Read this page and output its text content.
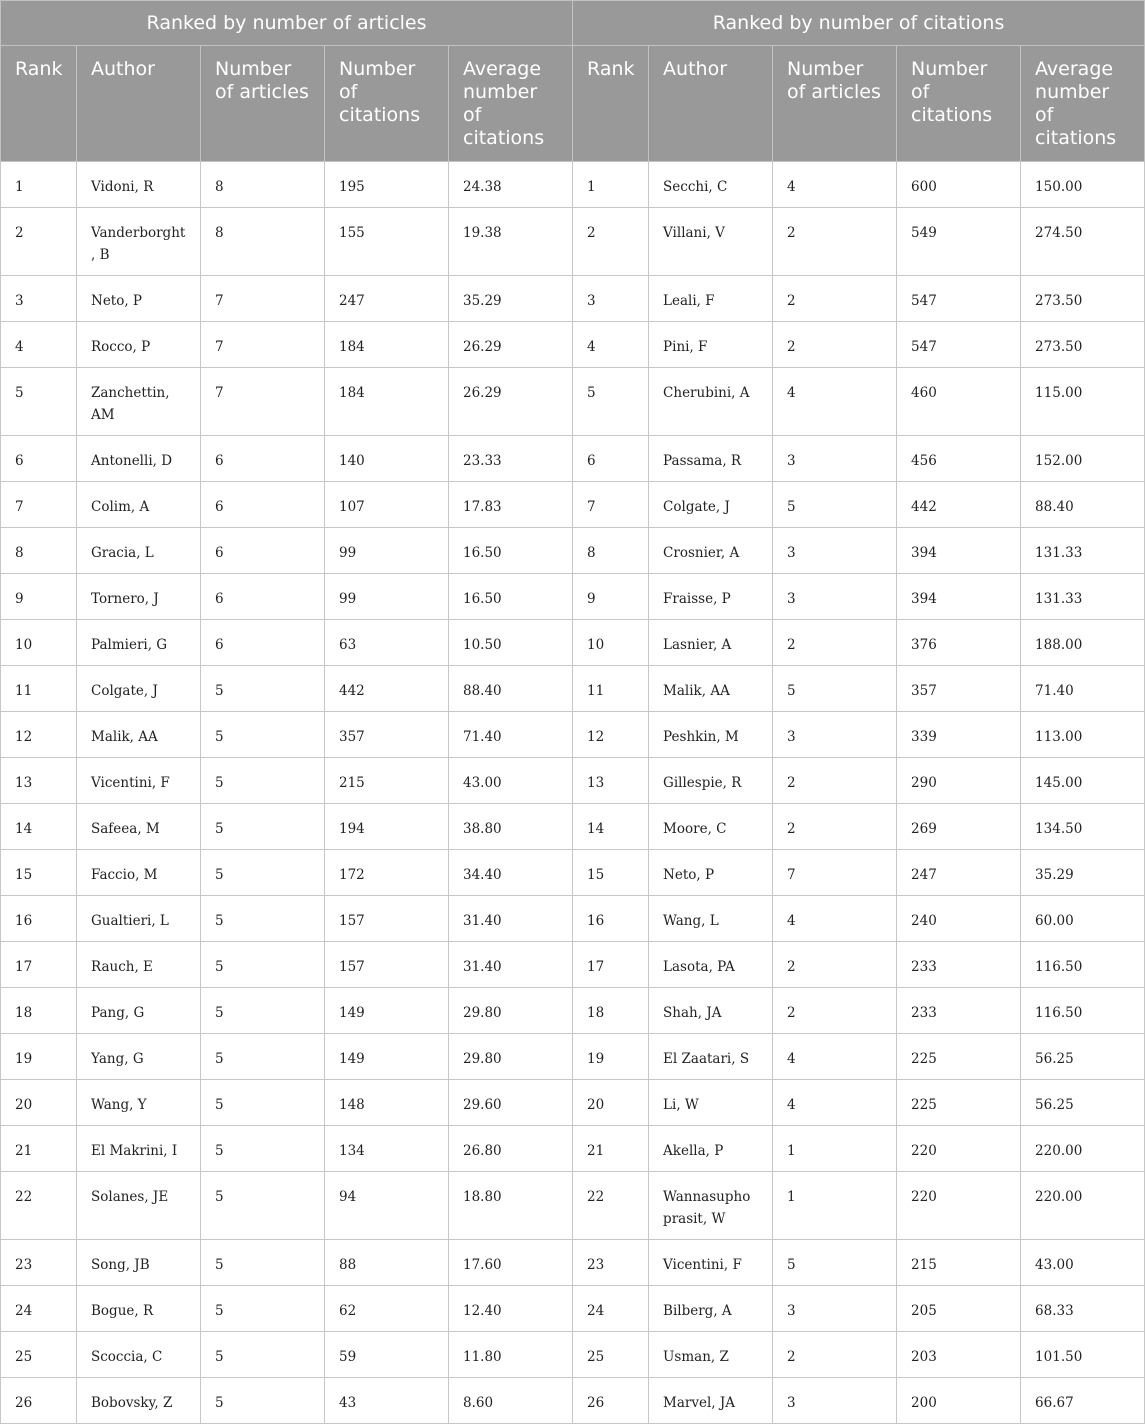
Ranked by number of articles					Ranked by number of citations				
Rank	Author	Number of articles	Number of citations	Average number of citations	Rank	Author	Number of articles	Number of citations	Average number of citations
1	Vidoni, R	8	195	24.38	1	Secchi, C	4	600	150.00
2	Vanderborght, B	8	155	19.38	2	Villani, V	2	549	274.50
3	Neto, P	7	247	35.29	3	Leali, F	2	547	273.50
4	Rocco, P	7	184	26.29	4	Pini, F	2	547	273.50
5	Zanchettin, AM	7	184	26.29	5	Cherubini, A	4	460	115.00
6	Antonelli, D	6	140	23.33	6	Passama, R	3	456	152.00
7	Colim, A	6	107	17.83	7	Colgate, J	5	442	88.40
8	Gracia, L	6	99	16.50	8	Crosnier, A	3	394	131.33
9	Tornero, J	6	99	16.50	9	Fraisse, P	3	394	131.33
10	Palmieri, G	6	63	10.50	10	Lasnier, A	2	376	188.00
11	Colgate, J	5	442	88.40	11	Malik, AA	5	357	71.40
12	Malik, AA	5	357	71.40	12	Peshkin, M	3	339	113.00
13	Vicentini, F	5	215	43.00	13	Gillespie, R	2	290	145.00
14	Safeea, M	5	194	38.80	14	Moore, C	2	269	134.50
15	Faccio, M	5	172	34.40	15	Neto, P	7	247	35.29
16	Gualtieri, L	5	157	31.40	16	Wang, L	4	240	60.00
17	Rauch, E	5	157	31.40	17	Lasota, PA	2	233	116.50
18	Pang, G	5	149	29.80	18	Shah, JA	2	233	116.50
19	Yang, G	5	149	29.80	19	El Zaatari, S	4	225	56.25
20	Wang, Y	5	148	29.60	20	Li, W	4	225	56.25
21	El Makrini, I	5	134	26.80	21	Akella, P	1	220	220.00
22	Solanes, JE	5	94	18.80	22	Wannasuphoprasit, W	1	220	220.00
23	Song, JB	5	88	17.60	23	Vicentini, F	5	215	43.00
24	Bogue, R	5	62	12.40	24	Bilberg, A	3	205	68.33
25	Scoccia, C	5	59	11.80	25	Usman, Z	2	203	101.50
26	Bobovsky, Z	5	43	8.60	26	Marvel, JA	3	200	66.67
